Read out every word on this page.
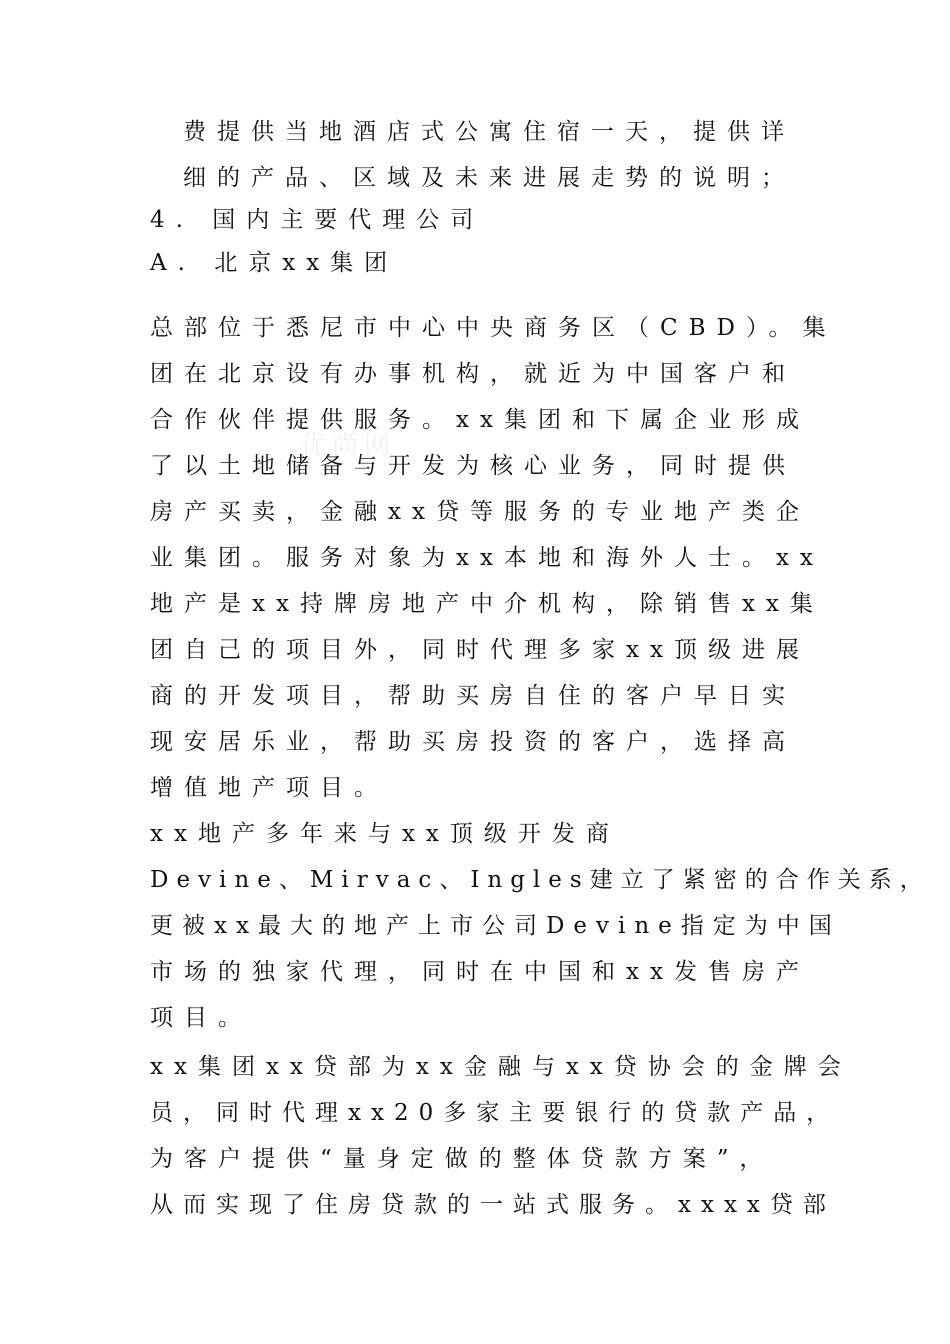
优尚网
费提供当地酒店式公寓住宿一天，提供详
细的产品、区域及未来进展走势的说明；
4. 国内主要代理公司
A. 北京xx集团
总部位于悉尼市中心中央商务区（CBD）。集
团在北京设有办事机构，就近为中国客户和
合作伙伴提供服务。xx集团和下属企业形成
了以土地储备与开发为核心业务，同时提供
房产买卖，金融xx贷等服务的专业地产类企
业集团。服务对象为xx本地和海外人士。xx
地产是xx持牌房地产中介机构，除销售xx集
团自己的项目外，同时代理多家xx顶级进展
商的开发项目，帮助买房自住的客户早日实
现安居乐业，帮助买房投资的客户，选择高
增值地产项目。
xx地产多年来与xx顶级开发商
Devine、Mirvac、Ingles建立了紧密的合作关系，
更被xx最大的地产上市公司Devine指定为中国
市场的独家代理，同时在中国和xx发售房产
项目。
xx集团xx贷部为xx金融与xx贷协会的金牌会
员，同时代理xx20多家主要银行的贷款产品，
为客户提供“量身定做的整体贷款方案”，
从而实现了住房贷款的一站式服务。xxxx贷部
